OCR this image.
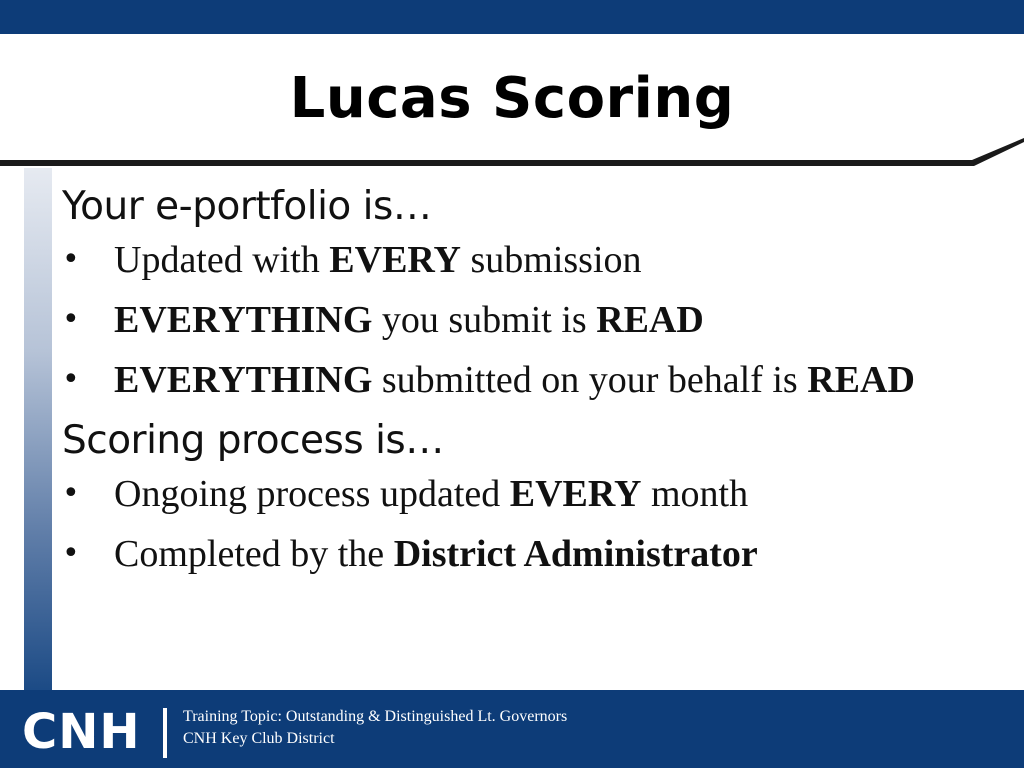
Lucas Scoring
Your e-portfolio is…
• Updated with EVERY submission
• EVERYTHING you submit is READ
• EVERYTHING submitted on your behalf is READ
Scoring process is…
• Ongoing process updated EVERY month
• Completed by the District Administrator
CNH	Training Topic: Outstanding & Distinguished Lt. Governors
CNH Key Club District
